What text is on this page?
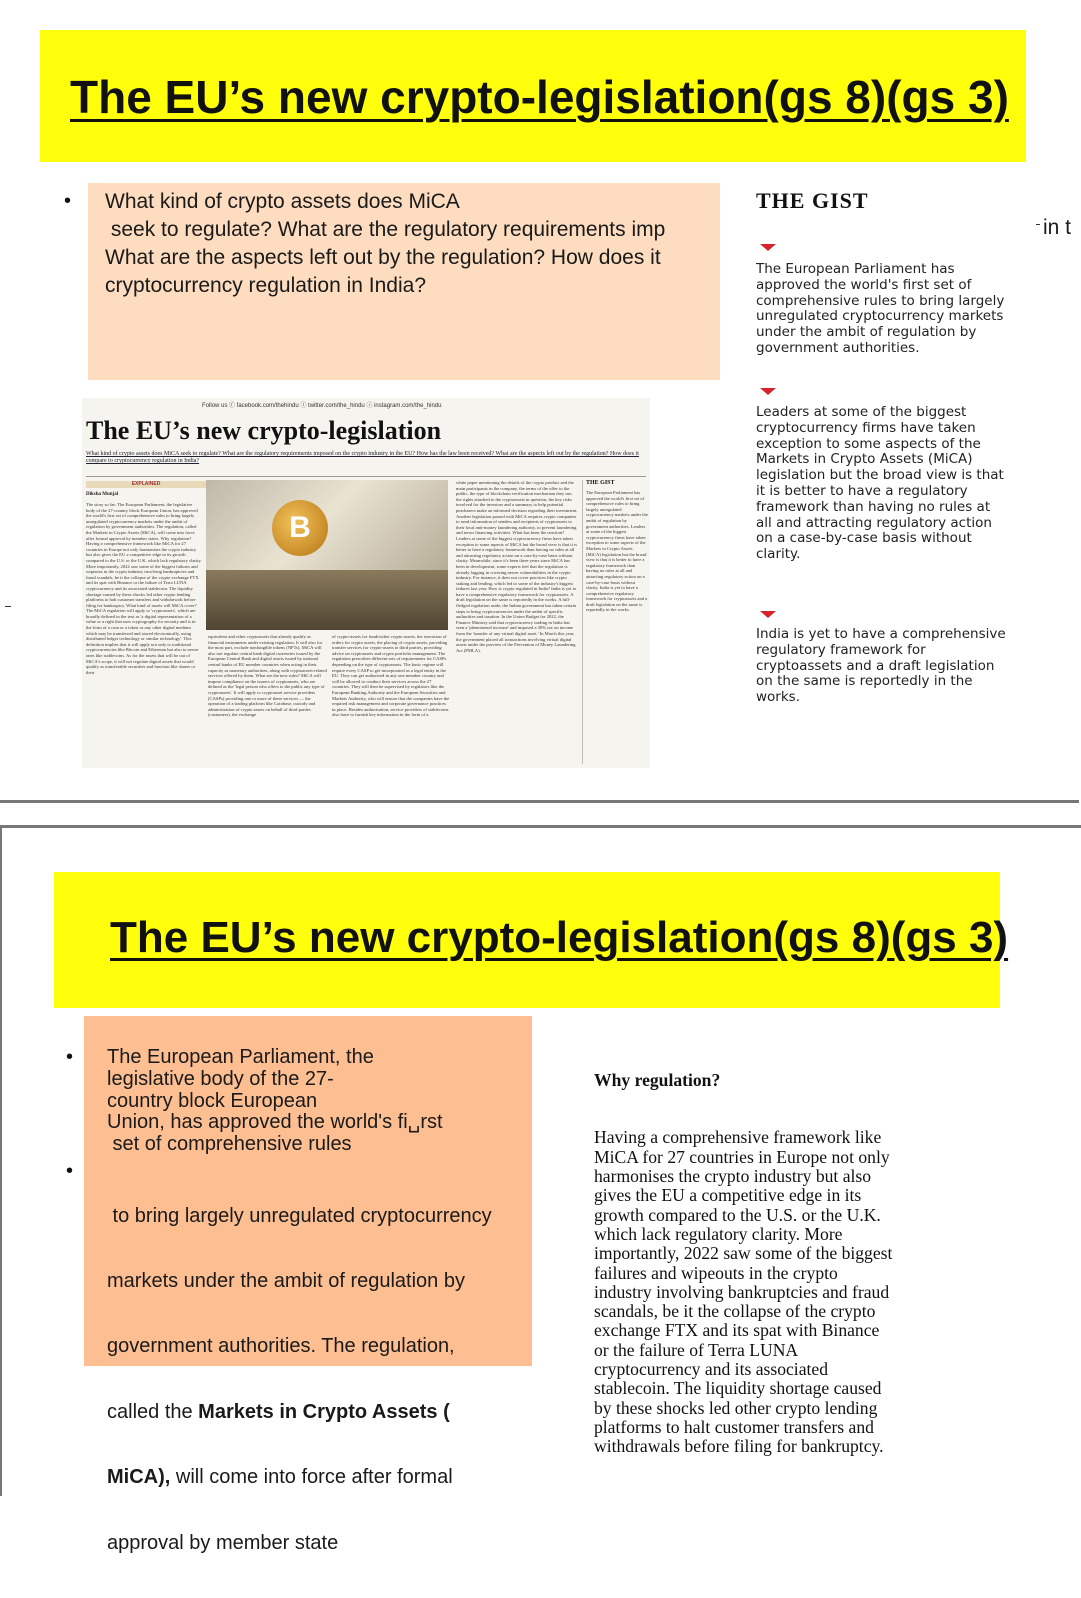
The EU’s new crypto-legislation(gs 8)(gs 3)
• What kind of crypto assets does MiCA
seek to regulate? What are the regulatory requirements imp
What are the aspects left out by the regulation? How does it
cryptocurrency regulation in India?
in t
Follow us ⓕ facebook.com/thehindu ⓣ twitter.com/the_hindu ⓘ instagram.com/the_hindu
The EU’s new crypto-legislation
What kind of crypto assets does MiCA seek to regulate? What are the regulatory requirements imposed on the crypto industry in the EU? How has the law been received? What are the aspects left out by the regulation? How does it compare to cryptocurrency regulation in India?
EXPLAINED
Diksha Munjal
The story so far: The European Parliament, the legislative body of the 27-country block European Union, has approved the world's first set of comprehensive rules to bring largely unregulated cryptocurrency markets under the ambit of regulation by government authorities. The regulation, called the Markets in Crypto Assets (MiCA), will come into force after formal approval by member states. Why regulation? Having a comprehensive framework like MiCA for 27 countries in Europe not only harmonises the crypto industry but also gives the EU a competitive edge in its growth compared to the U.S. or the U.K. which lack regulatory clarity. More importantly, 2022 saw some of the biggest failures and wipeouts in the crypto industry involving bankruptcies and fraud scandals, be it the collapse of the crypto exchange FTX and its spat with Binance or the failure of Terra LUNA cryptocurrency and its associated stablecoin. The liquidity shortage caused by these shocks led other crypto lending platforms to halt customer transfers and withdrawals before filing for bankruptcy. What kind of assets will MiCA cover? The MiCA regulation will apply to 'cryptoassets', which are broadly defined in the text as 'a digital representation of a value or a right that uses cryptography for security and is in the form of a coin or a token or any other digital medium which may be transferred and stored electronically, using distributed ledger technology or similar technology'. This definition implies that it will apply not only to traditional cryptocurrencies like Bitcoin and Ethereum but also to newer ones like stablecoins. As for the assets that will be out of MiCA's scope, it will not regulate digital assets that would qualify as transferable securities and function like shares or their
B
equivalent and other cryptoassets that already qualify as financial instruments under existing regulation. It will also for the most part, exclude nonfungible tokens (NFTs). MiCA will also not regulate central bank digital currencies issued by the European Central Bank and digital assets issued by national central banks of EU member countries when acting in their capacity as monetary authorities, along with cryptoassets-related services offered by them. What are the new rules? MiCA will impose compliance on the issuers of cryptoassets, who are defined as the 'legal person who offers to the public any type of cryptoassets'. It will apply to cryptoasset service providers (CASPs) providing one or more of these services — the operation of a trading platform like Coinbase, custody and administration of crypto assets on behalf of third parties (customers), the exchange
of crypto-assets for funds/other crypto-assets, the execution of orders for crypto assets, the placing of crypto assets, providing transfer services for crypto-assets to third parties, providing advice on cryptoassets and crypto portfolio management. The regulation prescribes different sets of requirements for CASPs depending on the type of cryptoassets. The basic regime will require every CASP to get incorporated as a legal entity in the EU. They can get authorised in any one member country and will be allowed to conduct their services across the 27 countries. They will then be supervised by regulators like the European Banking Authority and the European Securities and Markets Authority, who will ensure that the companies have the required risk management and corporate governance practices in place. Besides authorisation, service providers of stablecoins also have to furnish key information in the form of a
white paper mentioning the details of the crypto product and the main participants in the company, the terms of the offer to the public, the type of blockchain verification mechanism they use, the rights attached to the cryptoassets in question, the key risks involved for the investors and a summary to help potential purchasers make an informed decision regarding their investment. Another legislation passed with MiCA requires crypto companies to send information of senders and recipients of cryptoassets to their local anti-money laundering authority, to prevent laundering and terror financing activities. What has been the reaction? Leaders at some of the biggest cryptocurrency firms have taken exception to some aspects of MiCA but the broad view is that it is better to have a regulatory framework than having no rules at all and attracting regulatory action on a case-by-case basis without clarity. Meanwhile, since it's been three years since MiCA has been in development, some experts feel that the regulation is already lagging in covering newer vulnerabilities in the crypto industry. For instance, it does not cover practices like crypto staking and lending, which led to some of the industry's biggest failures last year. How is crypto regulated in India? India is yet to have a comprehensive regulatory framework for cryptoassets. A draft legislation on the same is reportedly in the works. A full-fledged regulation aside, the Indian government has taken certain steps to bring cryptocurrencies under the ambit of specific authorities and taxation. In the Union Budget for 2022, the Finance Ministry said that cryptocurrency trading in India has seen a 'phenomenal increase' and imposed a 30% tax on income from the 'transfer of any virtual digital asset.' In March this year, the government placed all transactions involving virtual digital assets under the purview of the Prevention of Money Laundering Act (PMLA).
THE GIST
The European Parliament has approved the world's first set of comprehensive rules to bring largely unregulated cryptocurrency markets under the ambit of regulation by government authorities. Leaders at some of the biggest cryptocurrency firms have taken exception to some aspects of the Markets in Crypto Assets (MiCA) legislation but the broad view is that it is better to have a regulatory framework than having no rules at all and attracting regulatory action on a case-by-case basis without clarity. India is yet to have a comprehensive regulatory framework for cryptoassets and a draft legislation on the same is reportedly in the works.
THE GIST
The European Parliament has approved the world's first set of comprehensive rules to bring largely unregulated cryptocurrency markets under the ambit of regulation by government authorities.
Leaders at some of the biggest cryptocurrency firms have taken exception to some aspects of the Markets in Crypto Assets (MiCA) legislation but the broad view is that it is better to have a regulatory framework than having no rules at all and attracting regulatory action on a case-by-case basis without clarity.
India is yet to have a comprehensive regulatory framework for cryptoassets and a draft legislation on the same is reportedly in the works.
The EU’s new crypto-legislation(gs 8)(gs 3)
• The European Parliament, the
legislative body of the 27-
country block European
Union, has approved the world's fi␣rst
set of comprehensive rules
•

to bring largely unregulated cryptocurrency

markets under the ambit of regulation by

government authorities. The regulation,

called the Markets in Crypto Assets (

MiCA), will come into force after formal

approval by member state

Why regulation?

Having a comprehensive framework like
MiCA for 27 countries in Europe not only
harmonises the crypto industry but also
gives the EU a competitive edge in its
growth compared to the U.S. or the U.K.
which lack regulatory clarity. More
importantly, 2022 saw some of the biggest
failures and wipeouts in the crypto
industry involving bankruptcies and fraud
scandals, be it the collapse of the crypto
exchange FTX and its spat with Binance
or the failure of Terra LUNA
cryptocurrency and its associated
stablecoin. The liquidity shortage caused
by these shocks led other crypto lending
platforms to halt customer transfers and
withdrawals before filing for bankruptcy.
